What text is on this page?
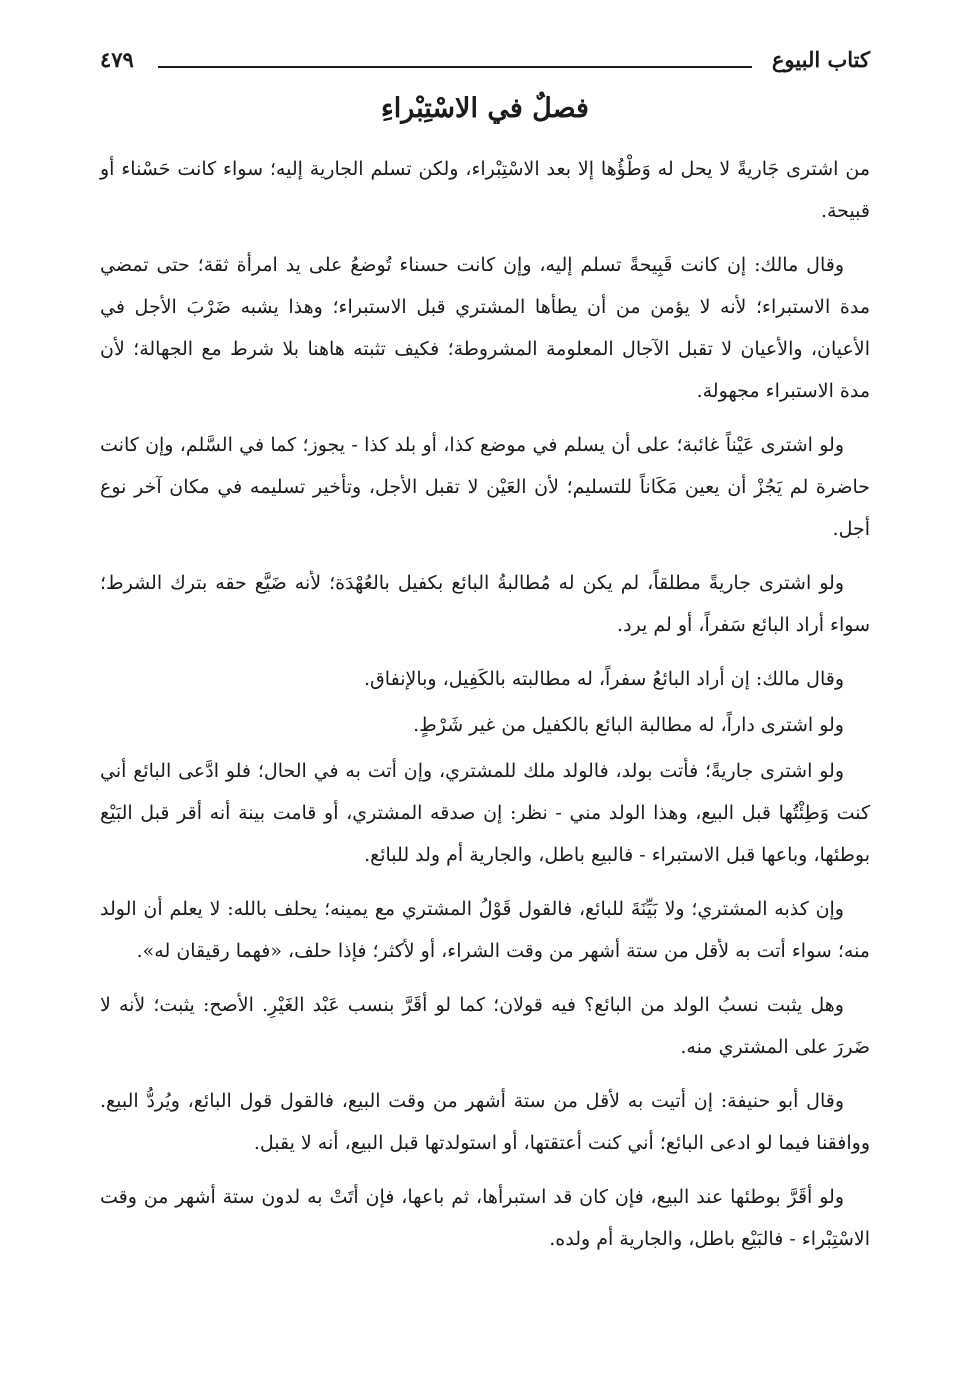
كتاب البيوع
٤٧٩
فصلٌ في الاسْتِبْراءِ

من اشترى جَاريةً لا يحل له وَطْؤُها إلا بعد الاسْتِبْراء، ولكن تسلم الجارية إليه؛ سواء كانت حَسْناء أو قبيحة.

وقال مالك: إن كانت قَبِيحةً تسلم إليه، وإن كانت حسناء تُوضعُ على يد امرأة ثقة؛ حتى تمضي مدة الاستبراء؛ لأنه لا يؤمن من أن يطأها المشتري قبل الاستبراء؛ وهذا يشبه ضَرْبَ الأجل في الأعيان، والأعيان لا تقبل الآجال المعلومة المشروطة؛ فكيف تثبته هاهنا بلا شرط مع الجهالة؛ لأن مدة الاستبراء مجهولة.

ولو اشترى عَيْناً غائبة؛ على أن يسلم في موضع كذا، أو بلد كذا - يجوز؛ كما في السَّلم، وإن كانت حاضرة لم يَجُزْ أن يعين مَكَاناً للتسليم؛ لأن العَيْن لا تقبل الأجل، وتأخير تسليمه في مكان آخر نوع أجل.

ولو اشترى جاريةً مطلقاً، لم يكن له مُطالبةُ البائع بكفيل بالعُهْدَة؛ لأنه ضَيَّع حقه بترك الشرط؛ سواء أراد البائع سَفراً، أو لم يرد.

وقال مالك: إن أراد البائعُ سفراً، له مطالبته بالكَفِيل، وبالإنفاق.

ولو اشترى داراً، له مطالبة البائع بالكفيل من غير شَرْطٍ.

ولو اشترى جاريةً؛ فأتت بولد، فالولد ملك للمشتري، وإن أتت به في الحال؛ فلو ادَّعى البائع أني كنت وَطِئْتُها قبل البيع، وهذا الولد مني - نظر: إن صدقه المشتري، أو قامت بينة أنه أقر قبل البَيْع بوطئها، وباعها قبل الاستبراء - فالبيع باطل، والجارية أم ولد للبائع.

وإن كذبه المشتري؛ ولا بَيِّنَةَ للبائع، فالقول قَوْلُ المشتري مع يمينه؛ يحلف بالله: لا يعلم أن الولد منه؛ سواء أتت به لأقل من ستة أشهر من وقت الشراء، أو لأكثر؛ فإذا حلف، «فهما رقيقان له».

وهل يثبت نسبُ الولد من البائع؟ فيه قولان؛ كما لو أقَرَّ بنسب عَبْد الغَيْرِ. الأصح: يثبت؛ لأنه لا ضَررَ على المشتري منه.

وقال أبو حنيفة: إن أتيت به لأقل من ستة أشهر من وقت البيع، فالقول قول البائع، ويُردُّ البيع. ووافقنا فيما لو ادعى البائع؛ أني كنت أعتقتها، أو استولدتها قبل البيع، أنه لا يقبل.

ولو أقَرَّ بوطئها عند البيع، فإن كان قد استبرأها، ثم باعها، فإن أتَتْ به لدون ستة أشهر من وقت الاسْتِبْراء - فالبَيْع باطل، والجارية أم ولده.
